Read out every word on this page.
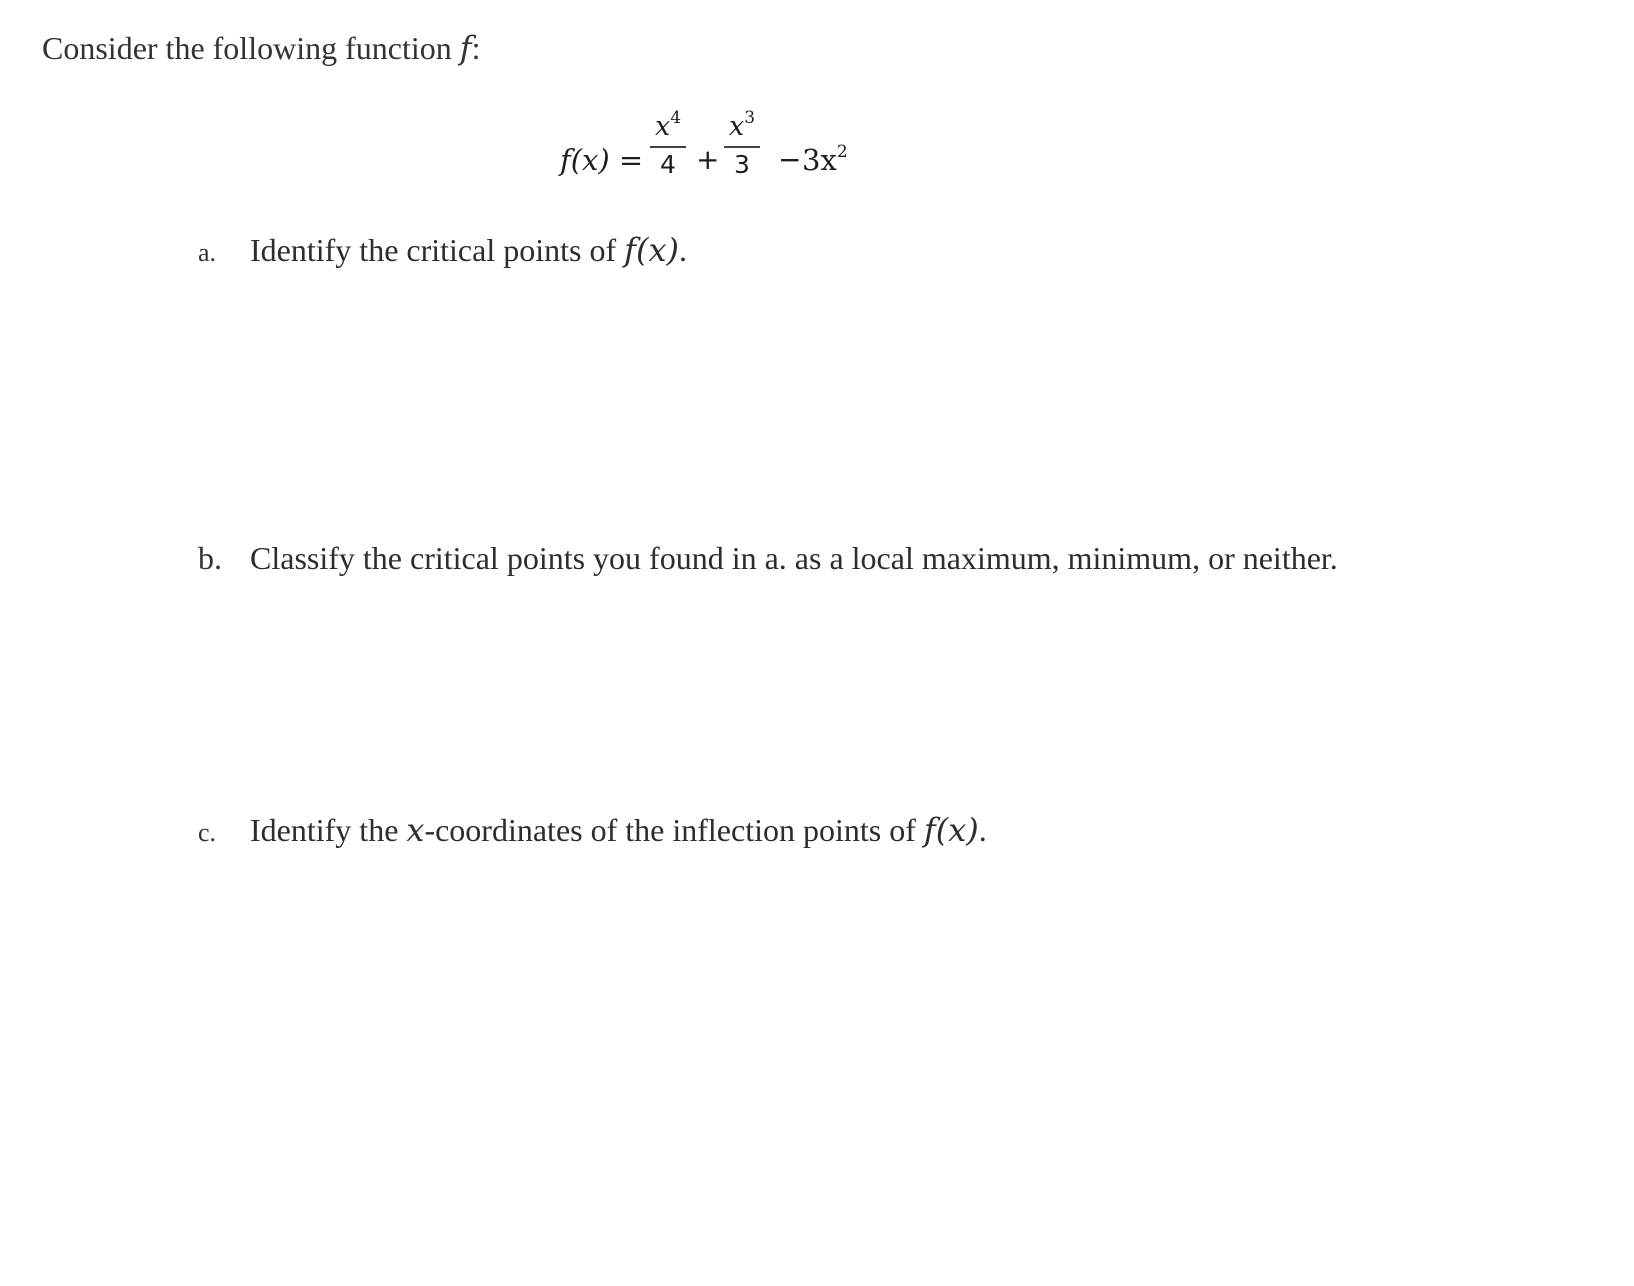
Consider the following function f:
f(x) =
$x^4$
4 +
$x^3$
3	− $3x^2$
a. Identify the critical points of f(x).
b. Classify the critical points you found in a. as a local maximum, minimum, or neither.
c. Identify the x-coordinates of the inflection points of f(x).
